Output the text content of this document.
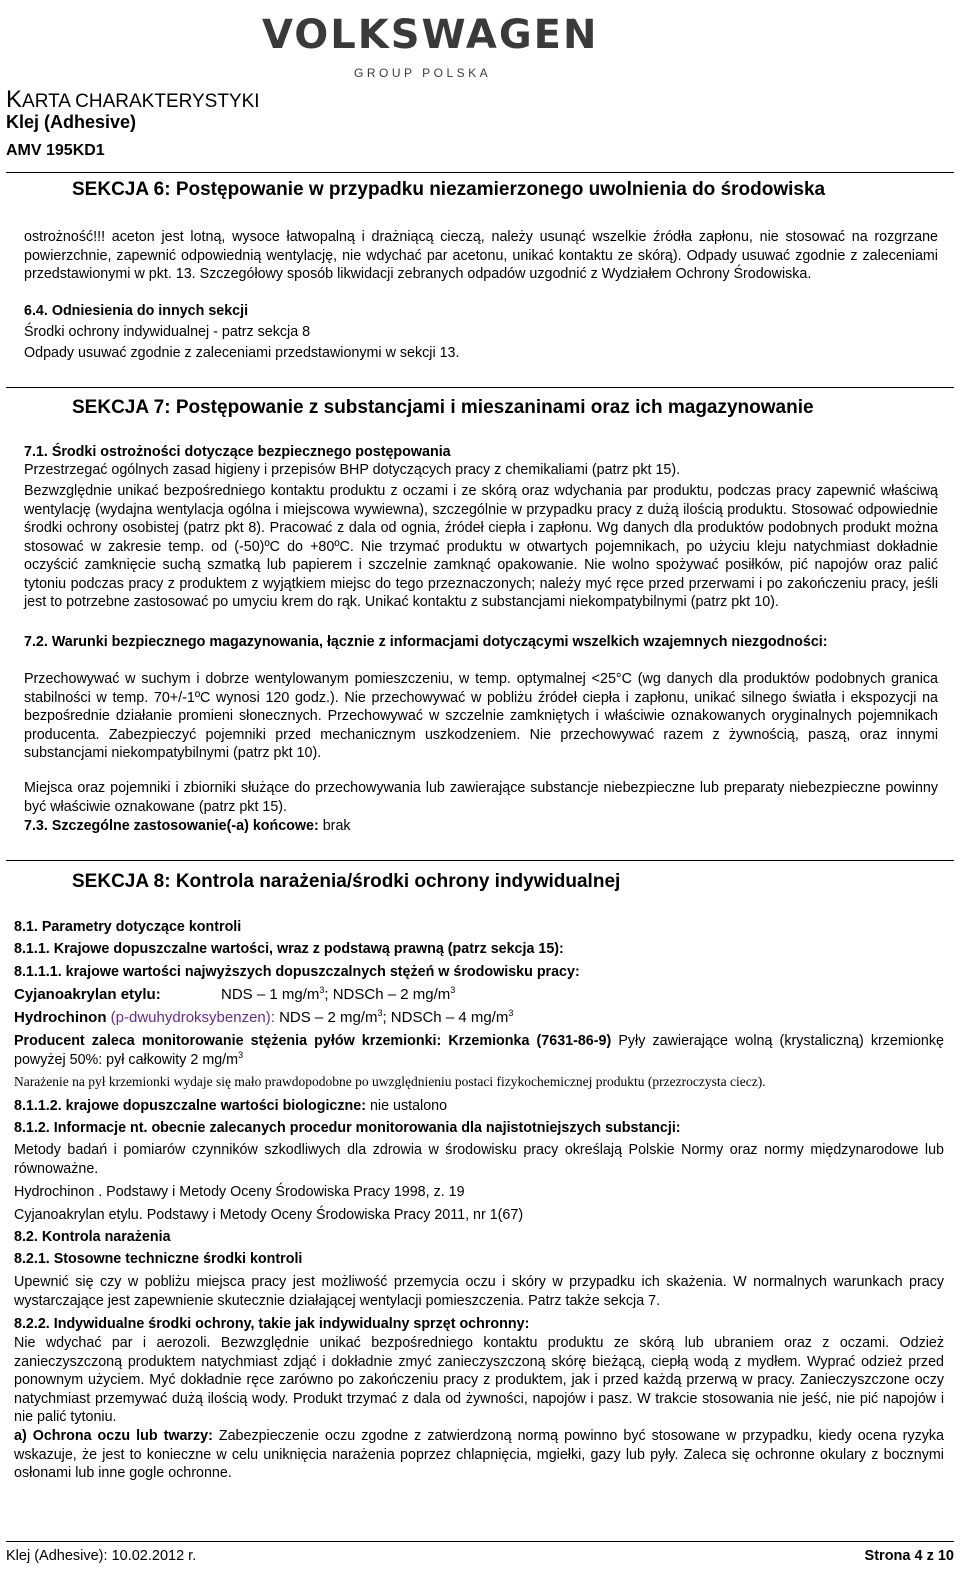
VOLKSWAGEN
GROUP POLSKA
KARTA CHARAKTERYSTYKI
Klej (Adhesive)
AMV 195KD1
SEKCJA 6: Postępowanie w przypadku niezamierzonego uwolnienia do środowiska
ostrożność!!! aceton jest lotną, wysoce łatwopalną i drażniącą cieczą, należy usunąć wszelkie źródła zapłonu, nie stosować na rozgrzane powierzchnie, zapewnić odpowiednią wentylację, nie wdychać par acetonu, unikać kontaktu ze skórą). Odpady usuwać zgodnie z zaleceniami przedstawionymi w pkt. 13. Szczegółowy sposób likwidacji zebranych odpadów uzgodnić z Wydziałem Ochrony Środowiska.
6.4. Odniesienia do innych sekcji
Środki ochrony indywidualnej - patrz sekcja 8
Odpady usuwać zgodnie z zaleceniami przedstawionymi w sekcji 13.
SEKCJA 7: Postępowanie z substancjami i mieszaninami oraz ich magazynowanie
7.1. Środki ostrożności dotyczące bezpiecznego postępowania
Przestrzegać ogólnych zasad higieny i przepisów BHP dotyczących pracy z chemikaliami (patrz pkt 15).
Bezwzględnie unikać bezpośredniego kontaktu produktu z oczami i ze skórą oraz wdychania par produktu, podczas pracy zapewnić właściwą wentylację (wydajna wentylacja ogólna i miejscowa wywiewna), szczególnie w przypadku pracy z dużą ilością produktu. Stosować odpowiednie środki ochrony osobistej (patrz pkt 8). Pracować z dala od ognia, źródeł ciepła i zapłonu. Wg danych dla produktów podobnych produkt można stosować w zakresie temp. od (-50)ºC do +80ºC. Nie trzymać produktu w otwartych pojemnikach, po użyciu kleju natychmiast dokładnie oczyścić zamknięcie suchą szmatką lub papierem i szczelnie zamknąć opakowanie. Nie wolno spożywać posiłków, pić napojów oraz palić tytoniu podczas pracy z produktem z wyjątkiem miejsc do tego przeznaczonych; należy myć ręce przed przerwami i po zakończeniu pracy, jeśli jest to potrzebne zastosować po umyciu krem do rąk. Unikać kontaktu z substancjami niekompatybilnymi (patrz pkt 10).
7.2. Warunki bezpiecznego magazynowania, łącznie z informacjami dotyczącymi wszelkich wzajemnych niezgodności:
Przechowywać w suchym i dobrze wentylowanym pomieszczeniu, w temp. optymalnej <25°C (wg danych dla produktów podobnych granica stabilności w temp. 70+/-1ºC wynosi 120 godz.). Nie przechowywać w pobliżu źródeł ciepła i zapłonu, unikać silnego światła i ekspozycji na bezpośrednie działanie promieni słonecznych. Przechowywać w szczelnie zamkniętych i właściwie oznakowanych oryginalnych pojemnikach producenta. Zabezpieczyć pojemniki przed mechanicznym uszkodzeniem. Nie przechowywać razem z żywnością, paszą, oraz innymi substancjami niekompatybilnymi (patrz pkt 10).
Miejsca oraz pojemniki i zbiorniki służące do przechowywania lub zawierające substancje niebezpieczne lub preparaty niebezpieczne powinny być właściwie oznakowane (patrz pkt 15).
7.3. Szczególne zastosowanie(-a) końcowe: brak
SEKCJA 8: Kontrola narażenia/środki ochrony indywidualnej
8.1. Parametry dotyczące kontroli
8.1.1. Krajowe dopuszczalne wartości, wraz z podstawą prawną (patrz sekcja 15):
8.1.1.1. krajowe wartości najwyższych dopuszczalnych stężeń w środowisku pracy:
Cyjanoakrylan etylu:	NDS – 1 $mg/m^3$; NDSCh – 2 $mg/m^3$
Hydrochinon (p-dwuhydroksybenzen): NDS – 2 $mg/m^3$; NDSCh – 4 $mg/m^3$
Producent zaleca monitorowanie stężenia pyłów krzemionki: Krzemionka (7631-86-9) Pyły zawierające wolną (krystaliczną) krzemionkę powyżej 50%: pył całkowity 2 $mg/m^3$
Narażenie na pył krzemionki wydaje się mało prawdopodobne po uwzględnieniu postaci fizykochemicznej produktu (przezroczysta ciecz).
8.1.1.2. krajowe dopuszczalne wartości biologiczne: nie ustalono
8.1.2. Informacje nt. obecnie zalecanych procedur monitorowania dla najistotniejszych substancji:
Metody badań i pomiarów czynników szkodliwych dla zdrowia w środowisku pracy określają Polskie Normy oraz normy międzynarodowe lub równoważne.
Hydrochinon . Podstawy i Metody Oceny Środowiska Pracy 1998, z. 19
Cyjanoakrylan etylu. Podstawy i Metody Oceny Środowiska Pracy 2011, nr 1(67)
8.2. Kontrola narażenia
8.2.1. Stosowne techniczne środki kontroli
Upewnić się czy w pobliżu miejsca pracy jest możliwość przemycia oczu i skóry w przypadku ich skażenia. W normalnych warunkach pracy wystarczające jest zapewnienie skutecznie działającej wentylacji pomieszczenia. Patrz także sekcja 7.
8.2.2. Indywidualne środki ochrony, takie jak indywidualny sprzęt ochronny:
Nie wdychać par i aerozoli. Bezwzględnie unikać bezpośredniego kontaktu produktu ze skórą lub ubraniem oraz z oczami. Odzież zanieczyszczoną produktem natychmiast zdjąć i dokładnie zmyć zanieczyszczoną skórę bieżącą, ciepłą wodą z mydłem. Wyprać odzież przed ponownym użyciem. Myć dokładnie ręce zarówno po zakończeniu pracy z produktem, jak i przed każdą przerwą w pracy. Zanieczyszczone oczy natychmiast przemywać dużą ilością wody. Produkt trzymać z dala od żywności, napojów i pasz. W trakcie stosowania nie jeść, nie pić napojów i nie palić tytoniu.
a) Ochrona oczu lub twarzy: Zabezpieczenie oczu zgodne z zatwierdzoną normą powinno być stosowane w przypadku, kiedy ocena ryzyka wskazuje, że jest to konieczne w celu uniknięcia narażenia poprzez chlapnięcia, mgiełki, gazy lub pyły. Zaleca się ochronne okulary z bocznymi osłonami lub inne gogle ochronne.
Klej (Adhesive): 10.02.2012 r.	Strona 4 z 10
